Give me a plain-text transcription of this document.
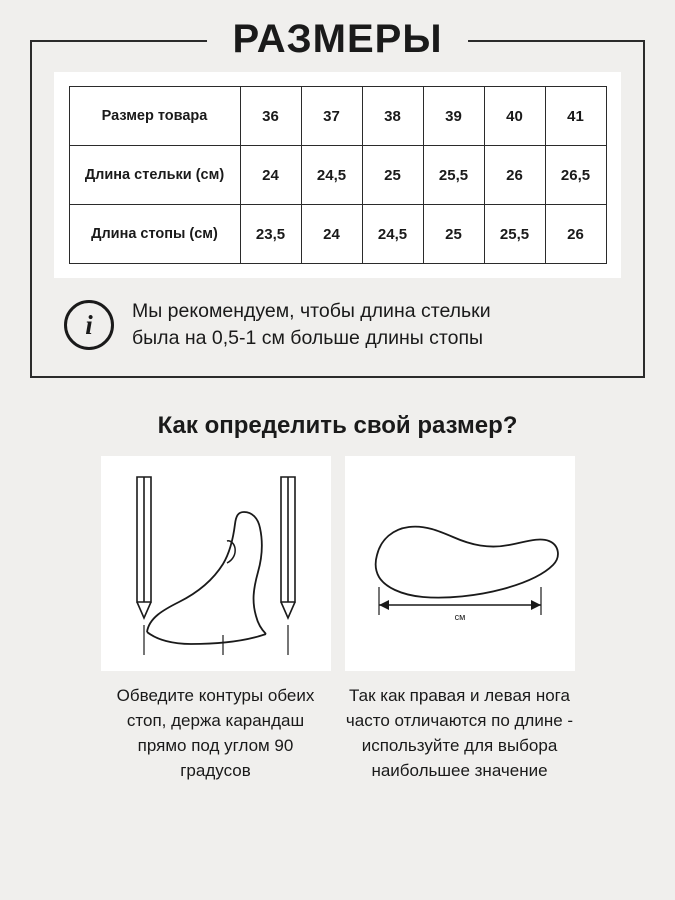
РАЗМЕРЫ
Размер товара	36	37	38	39	40	41
Длина стельки (см)	24	24,5	25	25,5	26	26,5
Длина стопы (см)	23,5	24	24,5	25	25,5	26
i	Мы рекомендуем, чтобы длина стельки
была на 0,5-1 см больше длины стопы
Как определить свой размер?
см
Обведите контуры обеих стоп, держа карандаш прямо под углом 90 градусов
Так как правая и левая нога часто отличаются по длине - используйте для выбора наибольшее значение
